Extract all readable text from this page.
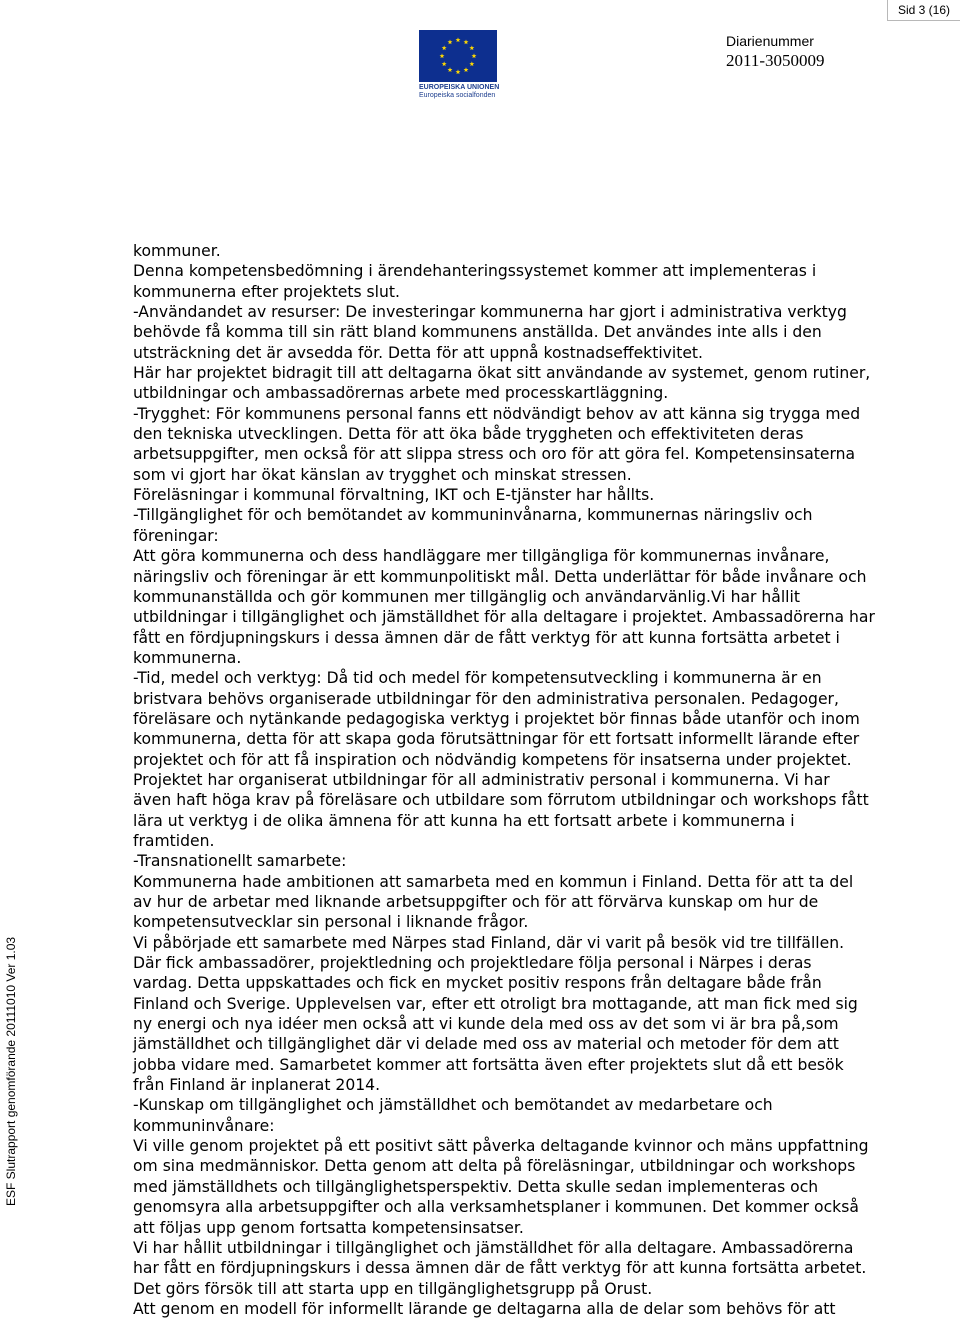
Sid 3 (16)
EUROPEISKA UNIONEN
Europeiska socialfonden
Diarienummer
2011-3050009
ESF Slutrapport genomförande 20111010 Ver 1.03
kommuner.
Denna kompetensbedömning i ärendehanteringssystemet kommer att implementeras i
kommunerna efter projektets slut.
-Användandet av resurser: De investeringar kommunerna har gjort i administrativa verktyg
behövde få komma till sin rätt bland kommunens anställda. Det användes inte alls i den
utsträckning det är avsedda för. Detta för att uppnå kostnadseffektivitet.
Här har projektet bidragit till att deltagarna ökat sitt användande av systemet, genom rutiner,
utbildningar och ambassadörernas arbete med processkartläggning.
-Trygghet: För kommunens personal fanns ett nödvändigt behov av att känna sig trygga med
den tekniska utvecklingen. Detta för att öka både tryggheten och effektiviteten deras
arbetsuppgifter, men också för att slippa stress och oro för att göra fel. Kompetensinsaterna
som vi gjort har ökat känslan av trygghet och minskat stressen.
Föreläsningar i kommunal förvaltning, IKT och E-tjänster har hållts.
-Tillgänglighet för och bemötandet av kommuninvånarna, kommunernas näringsliv och
föreningar:
Att göra kommunerna och dess handläggare mer tillgängliga för kommunernas invånare,
näringsliv och föreningar är ett kommunpolitiskt mål. Detta underlättar för både invånare och
kommunanställda och gör kommunen mer tillgänglig och användarvänlig.Vi har hållit
utbildningar i tillgänglighet och jämställdhet för alla deltagare i projektet. Ambassadörerna har
fått en fördjupningskurs i dessa ämnen där de fått verktyg för att kunna fortsätta arbetet i
kommunerna.
-Tid, medel och verktyg: Då tid och medel för kompetensutveckling i kommunerna är en
bristvara behövs organiserade utbildningar för den administrativa personalen. Pedagoger,
föreläsare och nytänkande pedagogiska verktyg i projektet bör finnas både utanför och inom
kommunerna, detta för att skapa goda förutsättningar för ett fortsatt informellt lärande efter
projektet och för att få inspiration och nödvändig kompetens för insatserna under projektet.
Projektet har organiserat utbildningar för all administrativ personal i kommunerna. Vi har
även haft höga krav på föreläsare och utbildare som förrutom utbildningar och workshops fått
lära ut verktyg i de olika ämnena för att kunna ha ett fortsatt arbete i kommunerna i
framtiden.
-Transnationellt samarbete:
Kommunerna hade ambitionen att samarbeta med en kommun i Finland. Detta för att ta del
av hur de arbetar med liknande arbetsuppgifter och för att förvärva kunskap om hur de
kompetensutvecklar sin personal i liknande frågor.
Vi påbörjade ett samarbete med Närpes stad Finland, där vi varit på besök vid tre tillfällen.
Där fick ambassadörer, projektledning och projektledare följa personal i Närpes i deras
vardag. Detta uppskattades och fick en mycket positiv respons från deltagare både från
Finland och Sverige. Upplevelsen var, efter ett otroligt bra mottagande, att man fick med sig
ny energi och nya idéer men också att vi kunde dela med oss av det som vi är bra på,som
jämställdhet och tillgänglighet där vi delade med oss av material och metoder för dem att
jobba vidare med. Samarbetet kommer att fortsätta även efter projektets slut då ett besök
från Finland är inplanerat 2014.
-Kunskap om tillgänglighet och jämställdhet och bemötandet av medarbetare och
kommuninvånare:
Vi ville genom projektet på ett positivt sätt påverka deltagande kvinnor och mäns uppfattning
om sina medmänniskor. Detta genom att delta på föreläsningar, utbildningar och workshops
med jämställdhets och tillgänglighetsperspektiv. Detta skulle sedan implementeras och
genomsyra alla arbetsuppgifter och alla verksamhetsplaner i kommunen. Det kommer också
att följas upp genom fortsatta kompetensinsatser.
Vi har hållit utbildningar i tillgänglighet och jämställdhet för alla deltagare. Ambassadörerna
har fått en fördjupningskurs i dessa ämnen där de fått verktyg för att kunna fortsätta arbetet.
Det görs försök till att starta upp en tillgänglighetsgrupp på Orust.
Att genom en modell för informellt lärande ge deltagarna alla de delar som behövs för att
